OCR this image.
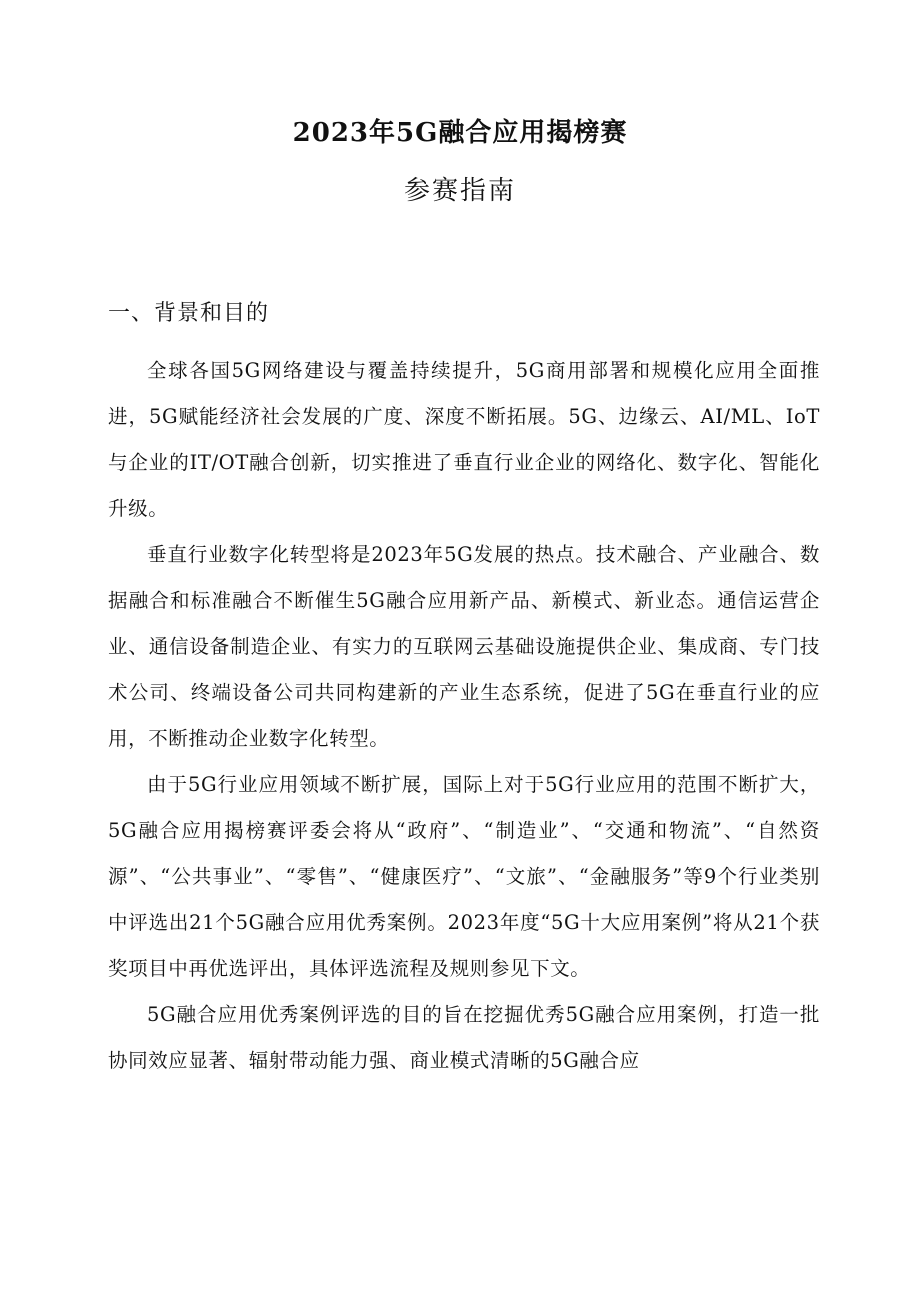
2023年5G融合应用揭榜赛
参赛指南
一、背景和目的

全球各国5G网络建设与覆盖持续提升，5G商用部署和规模化应用全面推进，5G赋能经济社会发展的广度、深度不断拓展。5G、边缘云、AI/ML、IoT与企业的IT/OT融合创新，切实推进了垂直行业企业的网络化、数字化、智能化升级。

垂直行业数字化转型将是2023年5G发展的热点。技术融合、产业融合、数据融合和标准融合不断催生5G融合应用新产品、新模式、新业态。通信运营企业、通信设备制造企业、有实力的互联网云基础设施提供企业、集成商、专门技术公司、终端设备公司共同构建新的产业生态系统，促进了5G在垂直行业的应用，不断推动企业数字化转型。

由于5G行业应用领域不断扩展，国际上对于5G行业应用的范围不断扩大，5G融合应用揭榜赛评委会将从“政府”、“制造业”、“交通和物流”、“自然资源”、“公共事业”、“零售”、“健康医疗”、“文旅”、“金融服务”等9个行业类别中评选出21个5G融合应用优秀案例。2023年度“5G十大应用案例”将从21个获奖项目中再优选评出，具体评选流程及规则参见下文。

5G融合应用优秀案例评选的目的旨在挖掘优秀5G融合应用案例，打造一批协同效应显著、辐射带动能力强、商业模式清晰的5G融合应
